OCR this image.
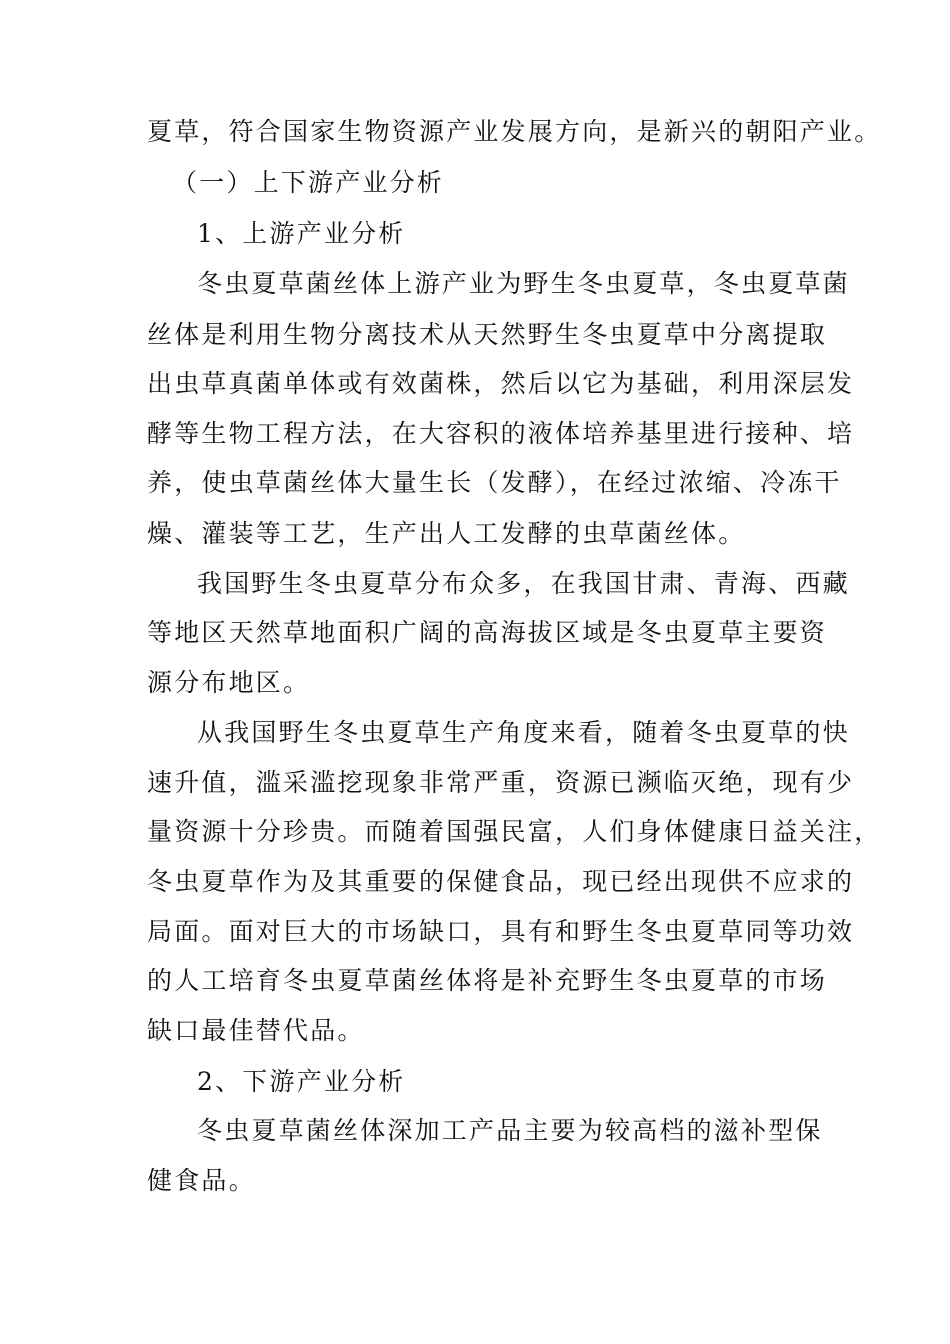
夏草，符合国家生物资源产业发展方向，是新兴的朝阳产业。

（一）上下游产业分析

1、上游产业分析

冬虫夏草菌丝体上游产业为野生冬虫夏草，冬虫夏草菌

丝体是利用生物分离技术从天然野生冬虫夏草中分离提取

出虫草真菌单体或有效菌株，然后以它为基础，利用深层发

酵等生物工程方法，在大容积的液体培养基里进行接种、培

养，使虫草菌丝体大量生长（发酵），在经过浓缩、冷冻干

燥、灌装等工艺，生产出人工发酵的虫草菌丝体。

我国野生冬虫夏草分布众多，在我国甘肃、青海、西藏

等地区天然草地面积广阔的高海拔区域是冬虫夏草主要资

源分布地区。

从我国野生冬虫夏草生产角度来看，随着冬虫夏草的快

速升值，滥采滥挖现象非常严重，资源已濒临灭绝，现有少

量资源十分珍贵。而随着国强民富，人们身体健康日益关注，

冬虫夏草作为及其重要的保健食品，现已经出现供不应求的

局面。面对巨大的市场缺口，具有和野生冬虫夏草同等功效

的人工培育冬虫夏草菌丝体将是补充野生冬虫夏草的市场

缺口最佳替代品。

2、下游产业分析

冬虫夏草菌丝体深加工产品主要为较高档的滋补型保

健食品。
